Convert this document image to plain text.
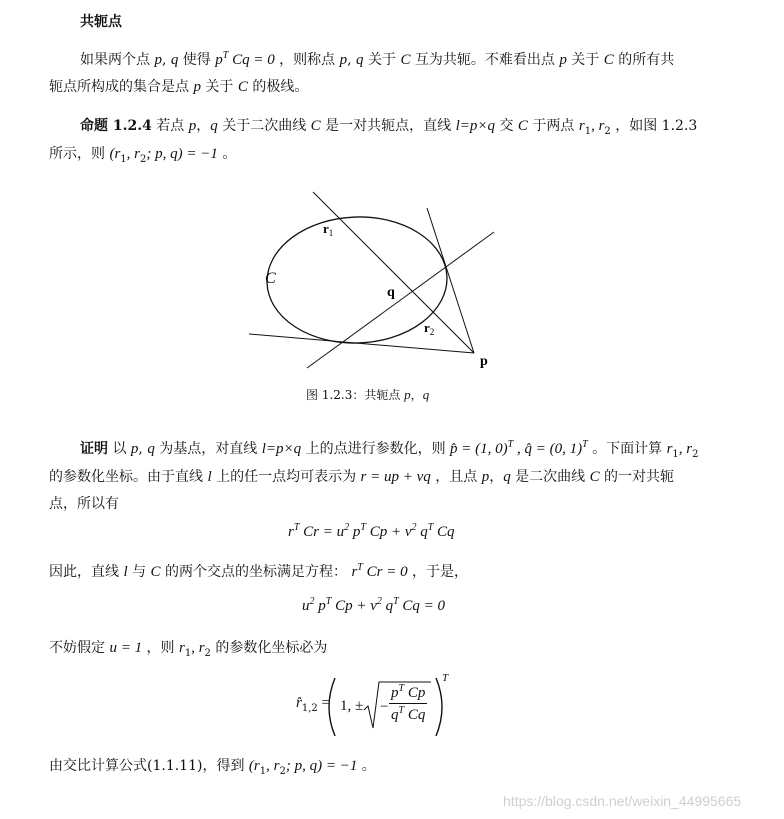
共轭点
如果两个点 p, q 使得 $p^T$ Cq = 0 ，则称点 p, q 关于 C 互为共轭。不难看出点 p 关于 C 的所有共
轭点所构成的集合是点 p 关于 C 的极线。
命题 1.2.4 若点 p，q 关于二次曲线 C 是一对共轭点，直线 l=p×q 交 C 于两点 $r_1$, $r_2$ ，如图 1.2.3
所示，则 ($r_1$, $r_2$; p, q) = −1 。
$r_1$
$r_2$
C
q
p
图 1.2.3：共轭点 p，q
证明 以 p, q 为基点，对直线 l=p×q 上的点进行参数化，则 p̂ = (1, 0)$^T$ , q̂ = (0, 1)$^T$ 。下面计算 $r_1$, $r_2$
的参数化坐标。由于直线 l 上的任一点均可表示为 r = up + vq ，且点 p，q 是二次曲线 C 的一对共轭
点，所以有
$r^T$ $Cr = u^2$ $p^T$ $Cp + v^2$ $q^T$ Cq
因此，直线 l 与 C 的两个交点的坐标满足方程： $r^T$ Cr = 0 ，于是，
$u^2$ $p^T$ $Cp + v^2$ $q^T$ Cq = 0
不妨假定 u = 1 ，则 $r_1$, $r_2$ 的参数化坐标必为
$r̂_{1,2} = 1$, ± − $\frac{p^T Cp}{q^T Cq}$
T
由交比计算公式(1.1.11)，得到 ($r_1$, $r_2$; p, q) = −1 。
https://blog.csdn.net/weixin_44995665
